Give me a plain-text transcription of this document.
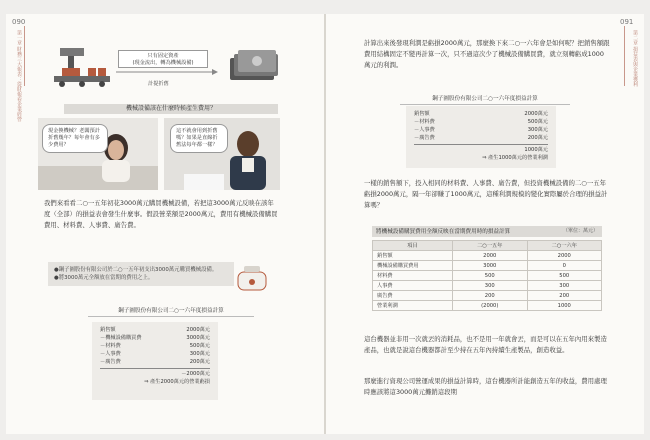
090
第一章 財務三大報表：從財報看企業經營	只有固定資產
(現金流出，轉為機械設備)
計提折舊
機械設備該在什麼時候產生費用？
現金換機械？老闆預計折舊幾年？每年會有多少費用？
這不就會用到折舊嗎？如果是直線折舊法每年都一樣？
我們來看看二○一五年初花3000萬元購買機械設備，若把這3000萬元反映在該年度（全部）的損益表會發生什麼事。假設營業額是2000萬元，費用有機械設備購買費用、材料費、人事費、廣告費。
●鋼子圖股份有限公司於二○一五年初支出3000萬元購買機械設備。
●將3000萬元全額放在當期的費用之上。
鋼子圖股份有限公司二○一六年度損益計算
銷售額	2000萬元
－機械設備購買費	3000萬元
－材料費	500萬元
－人事費	300萬元
－廣告費	200萬元
－2000萬元
⇒ 產生2000萬元的營業虧損
091
第二章 損益表與企業獲利
計算出來後發現利潤是虧損2000萬元，那麼換下來二○一六年會是如何呢？把銷售額跟費用結構固定不變再計算一次，只不過這次少了機械設備購買費，就立刻轉虧成1000萬元的利潤。
鋼子圖股份有限公司二○一六年度損益計算
銷售額	2000萬元
－材料費	500萬元
－人事費	300萬元
－廣告費	200萬元
1000萬元
⇒ 產生1000萬元的營業利潤
一樣的銷售額下，投入相同的材料費、人事費、廣告費，但投資機械設備的二○一五年虧損2000萬元，隔一年卻賺了1000萬元，這種利潤規模的變化實際屬於合理的損益計算嗎？
將機械設備購買費用全額反映在當期費用時的損益計算	（單位：萬元）
項目	二○一五年	二○一六年
銷售額	2000	2000
機械設備購買費用	3000	0
材料費	500	500
人事費	300	300
廣告費	200	200
營業利潤	(2000)	1000
這台機器並非用一次就丟的消耗品，也不是用一年就會丟，而是可以在五年內用來製造產品，也就是說這台機器都計至少持在五年內持續生產製品，創造收益。
那麼進行資現公司營運成果的損益計算時，這台機器所計能創造五年的收益，費用處理時應該將這3000萬元攤銷這段期
